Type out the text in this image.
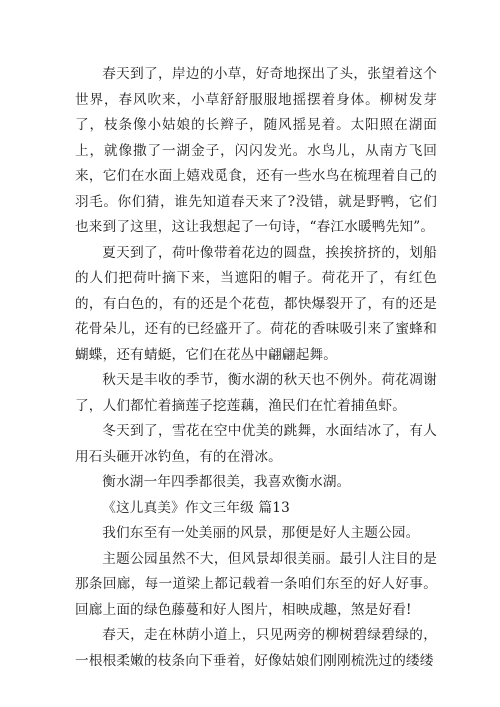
春天到了，岸边的小草，好奇地探出了头，张望着这个世界，春风吹来，小草舒舒服服地摇摆着身体。柳树发芽了，枝条像小姑娘的长辫子，随风摇晃着。太阳照在湖面上，就像撒了一湖金子，闪闪发光。水鸟儿，从南方飞回来，它们在水面上嬉戏觅食，还有一些水鸟在梳理着自己的羽毛。你们猜，谁先知道春天来了?没错，就是野鸭，它们也来到了这里，这让我想起了一句诗，“春江水暖鸭先知”。

夏天到了，荷叶像带着花边的圆盘，挨挨挤挤的，划船的人们把荷叶摘下来，当遮阳的帽子。荷花开了，有红色的，有白色的，有的还是个花苞，都快爆裂开了，有的还是花骨朵儿，还有的已经盛开了。荷花的香味吸引来了蜜蜂和蝴蝶，还有蜻蜓，它们在花丛中翩翩起舞。

秋天是丰收的季节，衡水湖的秋天也不例外。荷花凋谢了，人们都忙着摘莲子挖莲藕，渔民们在忙着捕鱼虾。

冬天到了，雪花在空中优美的跳舞，水面结冰了，有人用石头砸开冰钓鱼，有的在滑冰。

衡水湖一年四季都很美，我喜欢衡水湖。

《这儿真美》作文三年级 篇13

我们东至有一处美丽的风景，那便是好人主题公园。

主题公园虽然不大，但风景却很美丽。最引人注目的是那条回廊，每一道梁上都记载着一条咱们东至的好人好事。回廊上面的绿色藤蔓和好人图片，相映成趣，煞是好看!

春天，走在林荫小道上，只见两旁的柳树碧绿碧绿的，一根根柔嫩的枝条向下垂着，好像姑娘们刚刚梳洗过的缕缕
